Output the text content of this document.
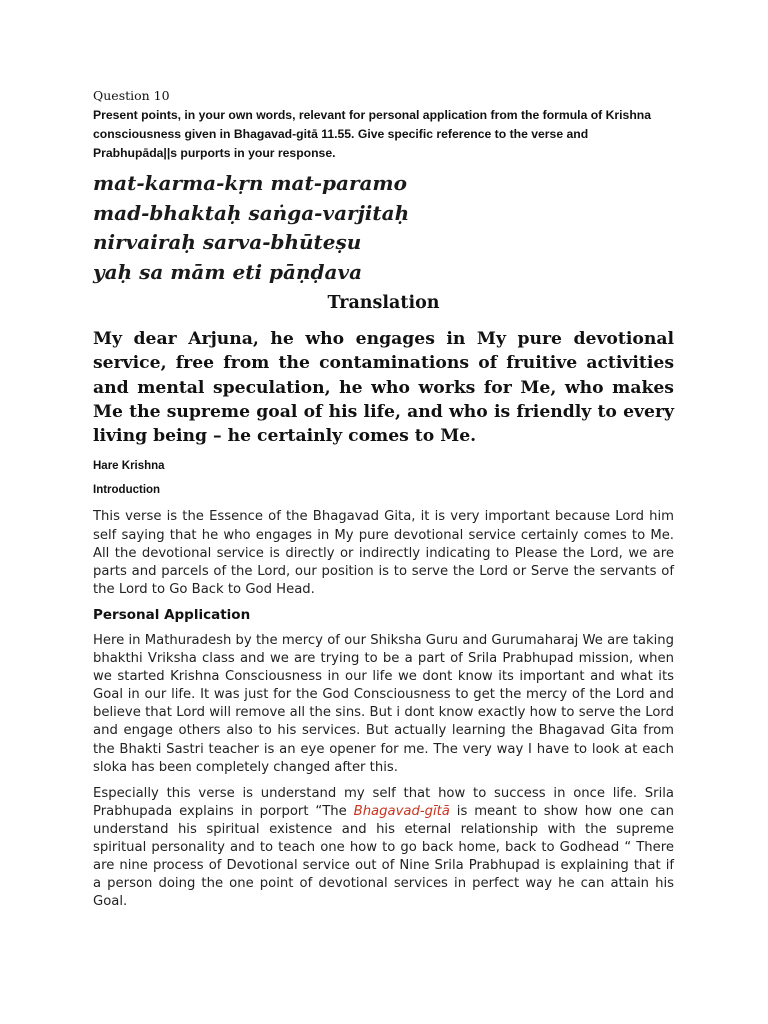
Question 10
Present points, in your own words, relevant for personal application from the formula of Krishna consciousness given in Bhagavad-gitā 11.55. Give specific reference to the verse and Prabhupāda||s purports in your response.
mat-karma-kṛn mat-paramo
mad-bhaktaḥ saṅga-varjitaḥ
nirvairaḥ sarva-bhūteṣu
yaḥ sa mām eti pāṇḍava
Translation
My dear Arjuna, he who engages in My pure devotional service, free from the contaminations of fruitive activities and mental speculation, he who works for Me, who makes Me the supreme goal of his life, and who is friendly to every living being – he certainly comes to Me.
Hare Krishna
Introduction
This verse is the Essence of the Bhagavad Gita, it is very important because Lord him self saying that he who engages in My pure devotional service certainly comes to Me. All the devotional service is directly or indirectly indicating to Please the Lord, we are parts and parcels of the Lord, our position is to serve the Lord or Serve the servants of the Lord to Go Back to God Head.
Personal Application
Here in Mathuradesh by the mercy of our Shiksha Guru and Gurumaharaj We are taking bhakthi Vriksha class and we are trying to be a part of Srila Prabhupad mission, when we started Krishna Consciousness in our life we dont know its important and what its Goal in our life. It was just for the God Consciousness to get the mercy of the Lord and believe that Lord will remove all the sins. But i dont know exactly how to serve the Lord and engage others also to his services. But actually learning the Bhagavad Gita from the Bhakti Sastri teacher is an eye opener for me. The very way I have to look at each sloka has been completely changed after this.
Especially this verse is understand my self that how to success in once life. Srila Prabhupada explains in porport “The Bhagavad-gītā is meant to show how one can understand his spiritual existence and his eternal relationship with the supreme spiritual personality and to teach one how to go back home, back to Godhead “ There are nine process of Devotional service out of Nine Srila Prabhupad is explaining that if a person doing the one point of devotional services in perfect way he can attain his Goal.
